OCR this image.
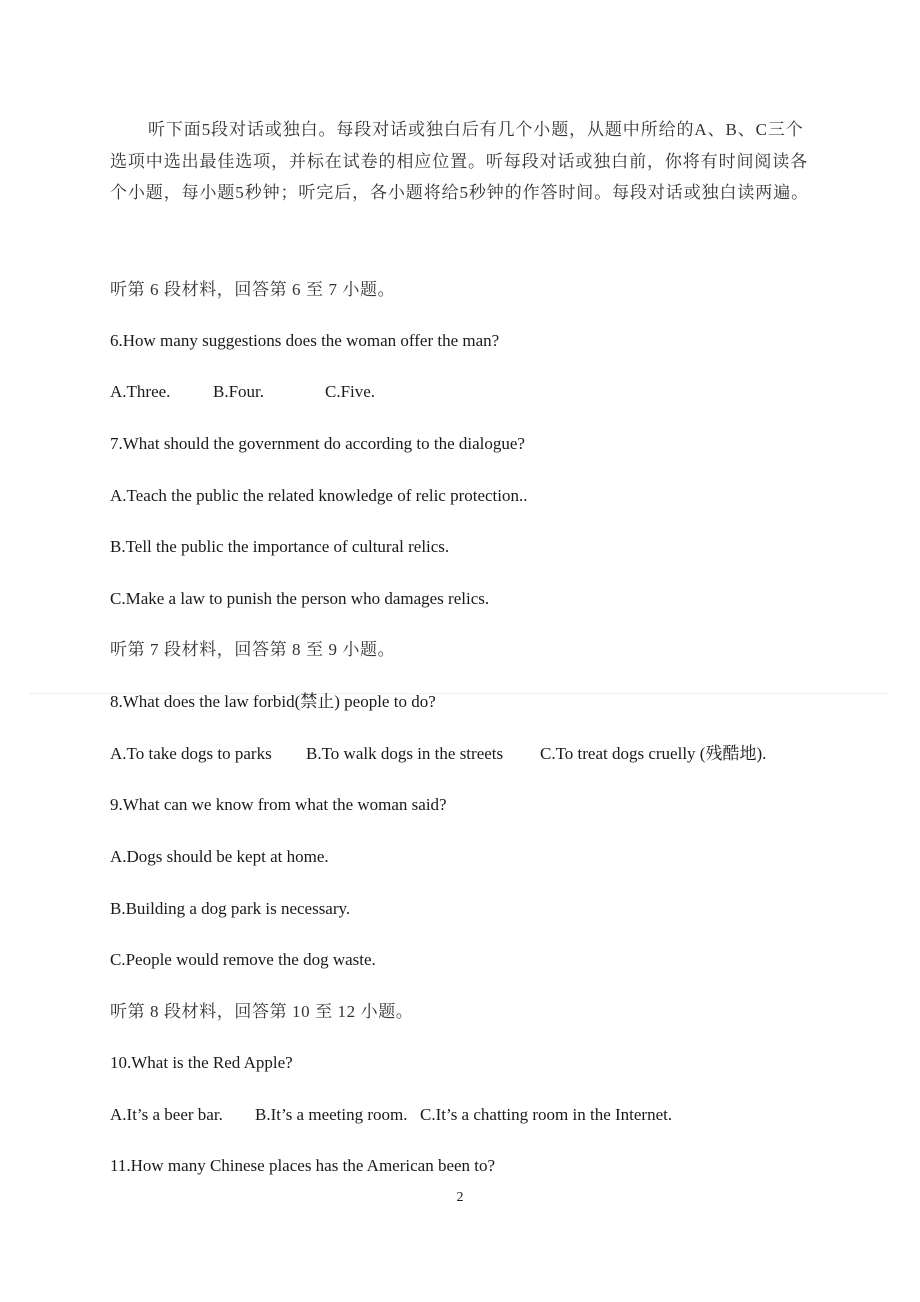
听下面5段对话或独白。每段对话或独白后有几个小题，从题中所给的A、B、C三个选项中选出最佳选项，并标在试卷的相应位置。听每段对话或独白前，你将有时间阅读各个小题，每小题5秒钟；听完后，各小题将给5秒钟的作答时间。每段对话或独白读两遍。

听第 6 段材料，回答第 6 至 7 小题。
6.How many suggestions does the woman offer the man?
A.Three.	B.Four.	C.Five.
7.What should the government do according to the dialogue?
A.Teach the public the related knowledge of relic protection..
B.Tell the public the importance of cultural relics.
C.Make a law to punish the person who damages relics.
听第 7 段材料，回答第 8 至 9 小题。
8.What does the law forbid(禁止) people to do?
A.To take dogs to parks B.To walk dogs in the streets C.To treat dogs cruelly (残酷地).
9.What can we know from what the woman said?
A.Dogs should be kept at home.
B.Building a dog park is necessary.
C.People would remove the dog waste.
听第 8 段材料，回答第 10 至 12 小题。
10.What is the Red Apple?
A.It’s a beer bar. B.It’s a meeting room. C.It’s a chatting room in the Internet.
11.How many Chinese places has the American been to?
2
